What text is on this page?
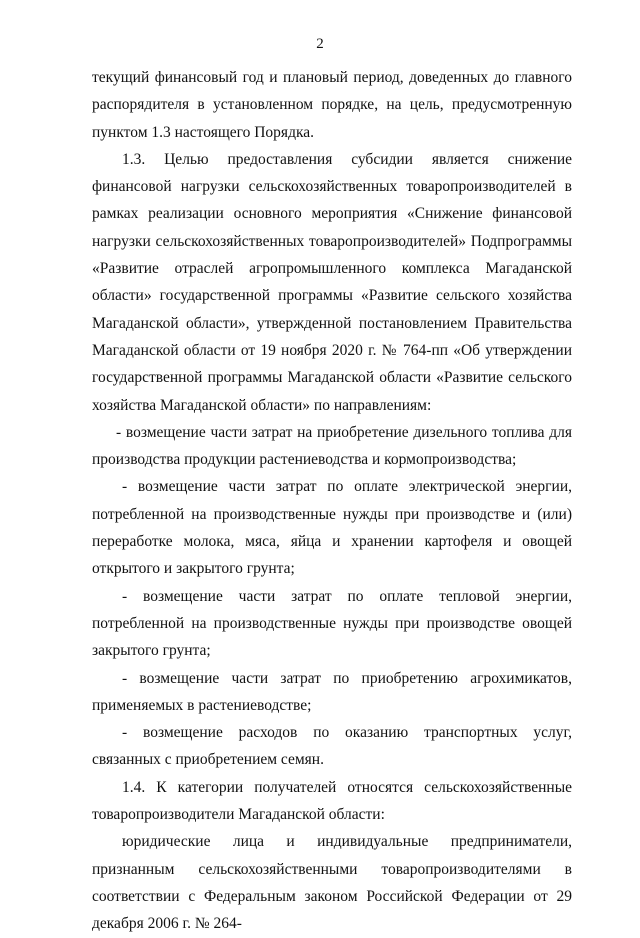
2

текущий финансовый год и плановый период, доведенных до главного распорядителя в установленном порядке, на цель, предусмотренную пунктом 1.3 настоящего Порядка.

1.3. Целью предоставления субсидии является снижение финансовой нагрузки сельскохозяйственных товаропроизводителей в рамках реализации основного мероприятия «Снижение финансовой нагрузки сельскохозяйственных товаропроизводителей» Подпрограммы «Развитие отраслей агропромышленного комплекса Магаданской области» государственной программы «Развитие сельского хозяйства Магаданской области», утвержденной постановлением Правительства Магаданской области от 19 ноября 2020 г. № 764-пп «Об утверждении государственной программы Магаданской области «Развитие сельского хозяйства Магаданской области» по направлениям:

- возмещение части затрат на приобретение дизельного топлива для производства продукции растениеводства и кормопроизводства;

- возмещение части затрат по оплате электрической энергии, потребленной на производственные нужды при производстве и (или) переработке молока, мяса, яйца и хранении картофеля и овощей открытого и закрытого грунта;

- возмещение части затрат по оплате тепловой энергии, потребленной на производственные нужды при производстве овощей закрытого грунта;

- возмещение части затрат по приобретению агрохимикатов, применяемых в растениеводстве;

- возмещение расходов по оказанию транспортных услуг, связанных с приобретением семян.

1.4. К категории получателей относятся сельскохозяйственные товаропроизводители Магаданской области:

юридические лица и индивидуальные предприниматели, признанным сельскохозяйственными товаропроизводителями в соответствии с Федеральным законом Российской Федерации от 29 декабря 2006 г. № 264-
